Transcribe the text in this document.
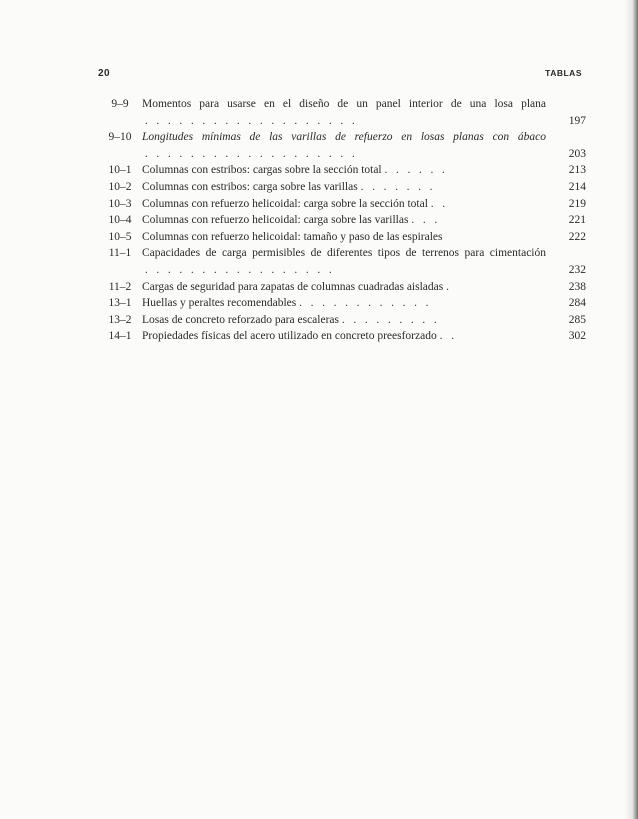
20	TABLAS
9–9	Momentos para usarse en el diseño de un panel interior de una losa plana .   .   .   .   .   .   .   .   .   .   .   .   .   .   .   .   .   .   .	197
9–10 Longitudes mínimas de las varillas de refuerzo en losas planas con ábaco .   .   .   .   .   .   .   .   .   .   .   .   .   .   .   .   .   .   .	203
10–1 Columnas con estribos: cargas sobre la sección total .   .   .   .   .   .	213
10–2 Columnas con estribos: carga sobre las varillas .   .   .   .   .   .   .	214
10–3 Columnas con refuerzo helicoidal: carga sobre la sección total .   .	219
10–4 Columnas con refuerzo helicoidal: carga sobre las varillas .   .   .	221
10–5 Columnas con refuerzo helicoidal: tamaño y paso de las espirales	222
11–1 Capacidades de carga permisibles de diferentes tipos de terrenos para cimentación .   .   .   .   .   .   .   .   .   .   .   .   .   .   .   .   .	232
11–2 Cargas de seguridad para zapatas de columnas cuadradas aisladas .	238
13–1 Huellas y peraltes recomendables .   .   .   .   .   .   .   .   .   .   .   .	284
13–2 Losas de concreto reforzado para escaleras .   .   .   .   .   .   .   .   .	285
14–1 Propiedades físicas del acero utilizado en concreto preesforzado .   .	302
